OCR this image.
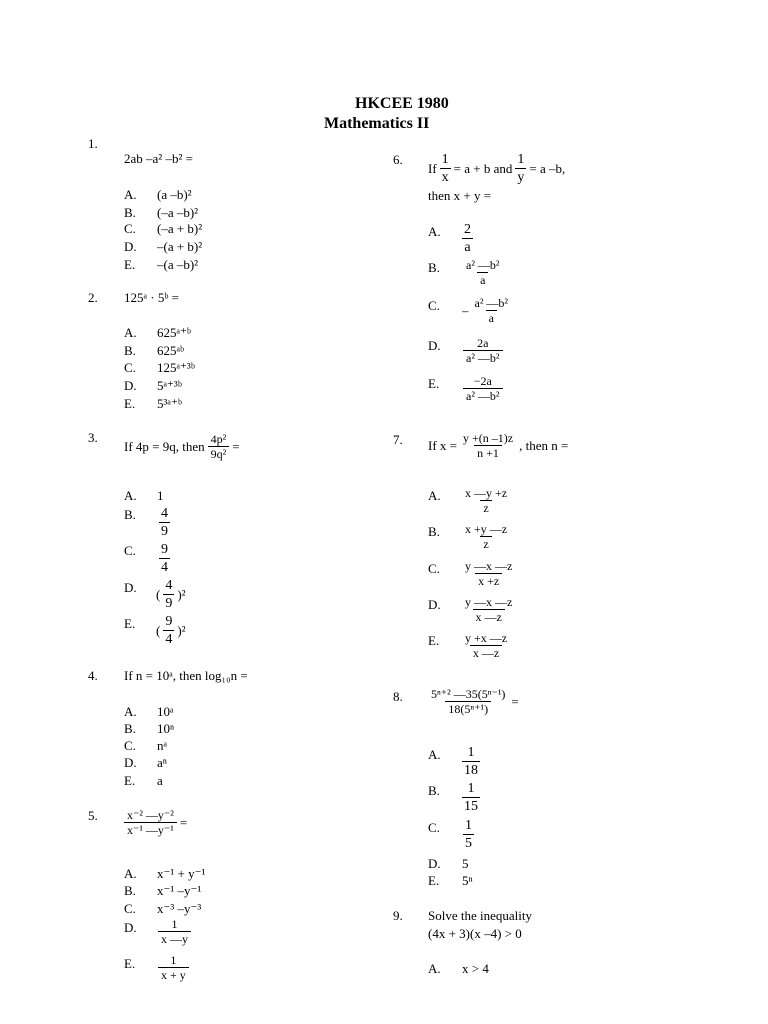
HKCEE 1980
Mathematics II
1.
2ab –a² –b² =
A.
B.
C.
D.
E.
(a –b)²
(–a –b)²
(–a + b)²
–(a + b)²
–(a –b)²
2. 125ᵃ · 5ᵇ =
A.
B.
C.
D.
E.
625ᵃ⁺ᵇ
625ᵃᵇ
125ᵃ⁺³ᵇ
5ᵃ⁺³ᵇ
5³ᵃ⁺ᵇ
3.
If 4p = 9q, then $\frac{\text{4p²}}{\text{9q²}}$ =
A. 1
B. $\frac{4}{9}$
C. $\frac{9}{4}$
D. ( $\frac{4}{9} )^2$
E. ( $\frac{9}{4} )^2$
4. If n = 10ᵃ, then log₁₀n =
A.
B.
C.
D.
E.
10ᵃ
10ⁿ
nᵃ
aⁿ
a
5. $\frac{\text{x⁻² —y⁻²}}{\text{x⁻¹ —y⁻¹}}$ =
A. x⁻¹ + y⁻¹
B. x⁻¹ –y⁻¹
C. x⁻³ –y⁻³
D. $\frac{1}{x —y}$
E. $\frac{1}{x + y}$
6.
If $\frac{1}{x} = a + b$ and $\frac{1}{y} = a$ –b,
then x + y =
A. $\frac{2}{a}$
B. $\frac{\text{a² —b²}}{a}$
C. – $\frac{\text{a² —b²}}{a}$
D. $\frac{2a}{\text{a² —b²}}$
E. $\frac{-2a}{\text{a² —b²}}$
7. If $x = \frac{y +(n -1)z}{n +1}$ , then n =
A. $\frac{x —y +z}{z}$
B. $\frac{x +y —z}{z}$
C. $\frac{y —x —z}{x +z}$
D. $\frac{y —x —z}{x —z}$
E. $\frac{y +x —z}{x —z}$
8. $\frac{\text{5ⁿ⁺² —35(5ⁿ⁻¹)}}{\text{18(5ⁿ⁺¹)}}$ =
A. $\frac{1}{18}$
B. $\frac{1}{15}$
C. $\frac{1}{5}$
D. 5
E. 5ⁿ
9. Solve the inequality
(4x + 3)(x –4) > 0
A. x > 4
